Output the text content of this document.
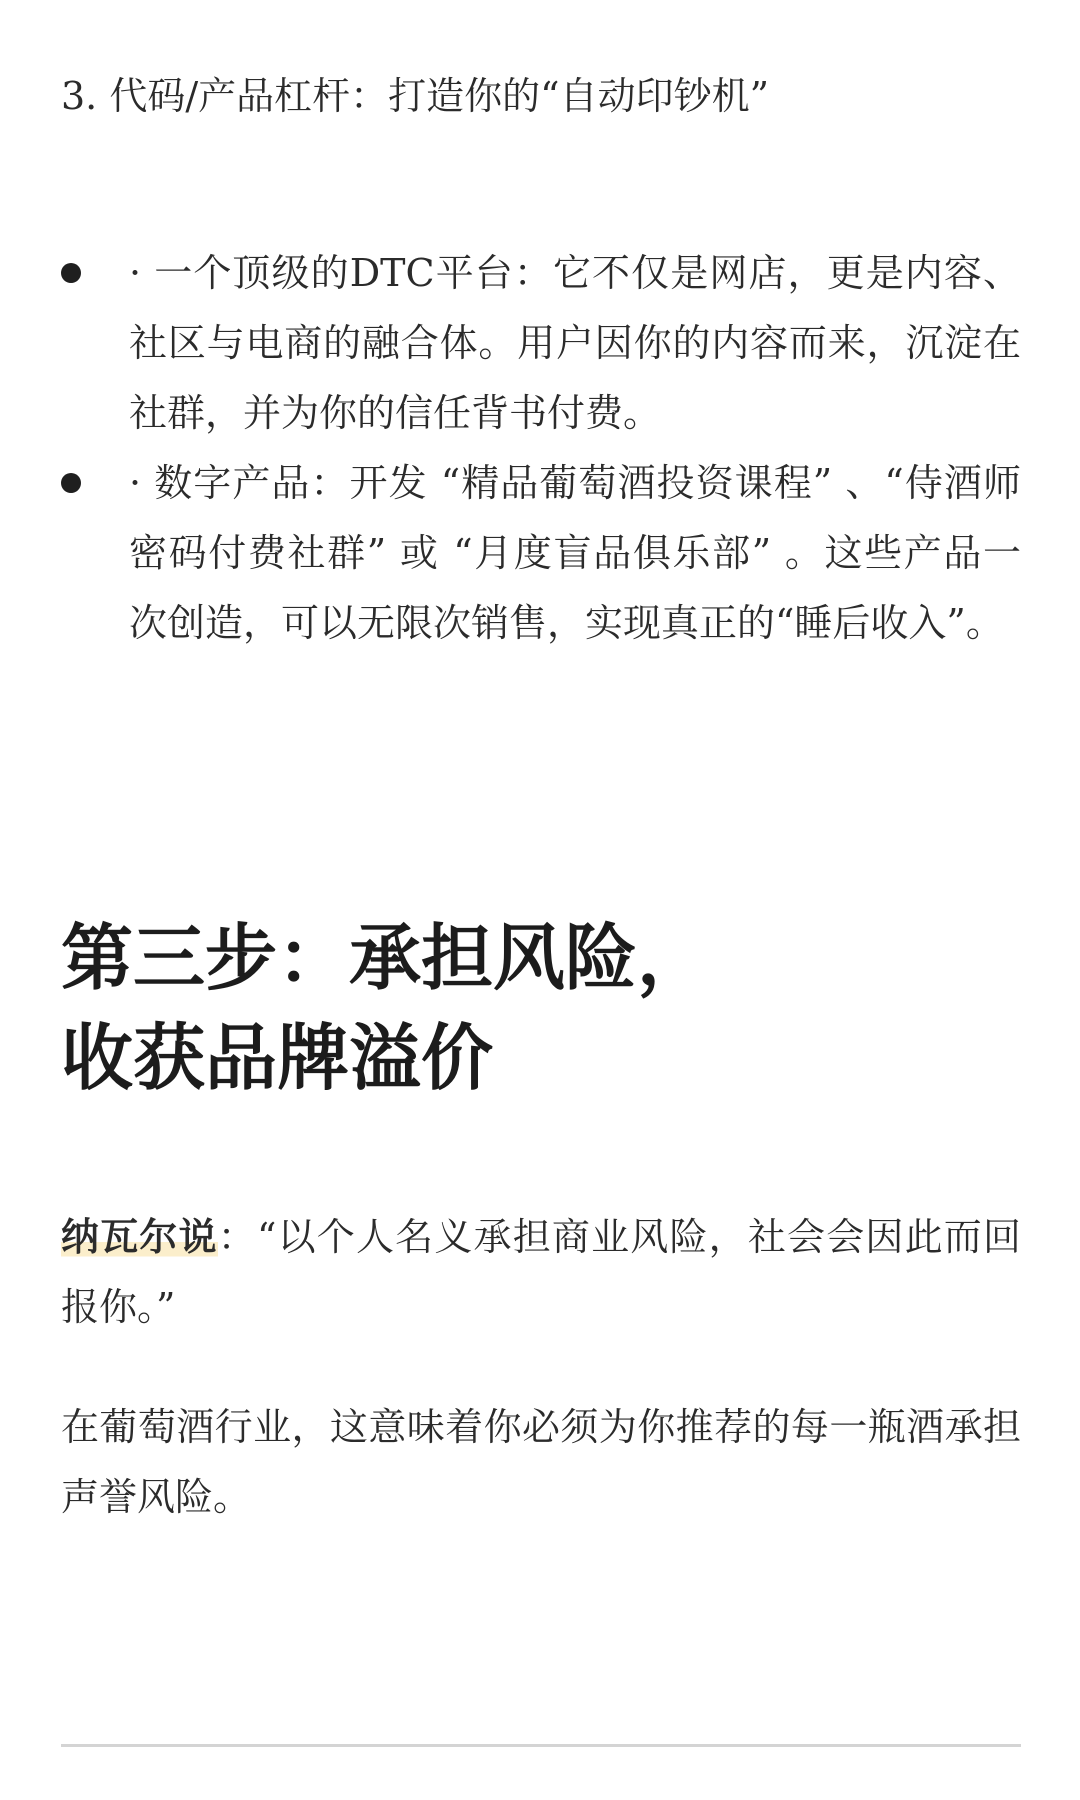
3. 代码/产品杠杆：打造你的“自动印钞机”
· 一个顶级的DTC平台：它不仅是网店，更是内容、社区与电商的融合体。用户因你的内容而来，沉淀在社群，并为你的信任背书付费。
· 数字产品：开发 “精品葡萄酒投资课程” 、“侍酒师密码付费社群” 或 “月度盲品俱乐部” 。这些产品一次创造，可以无限次销售，实现真正的“睡后收入”。
第三步：承担风险，
收获品牌溢价

纳瓦尔说：“以个人名义承担商业风险，社会会因此而回报你。”

在葡萄酒行业，这意味着你必须为你推荐的每一瓶酒承担声誉风险。
